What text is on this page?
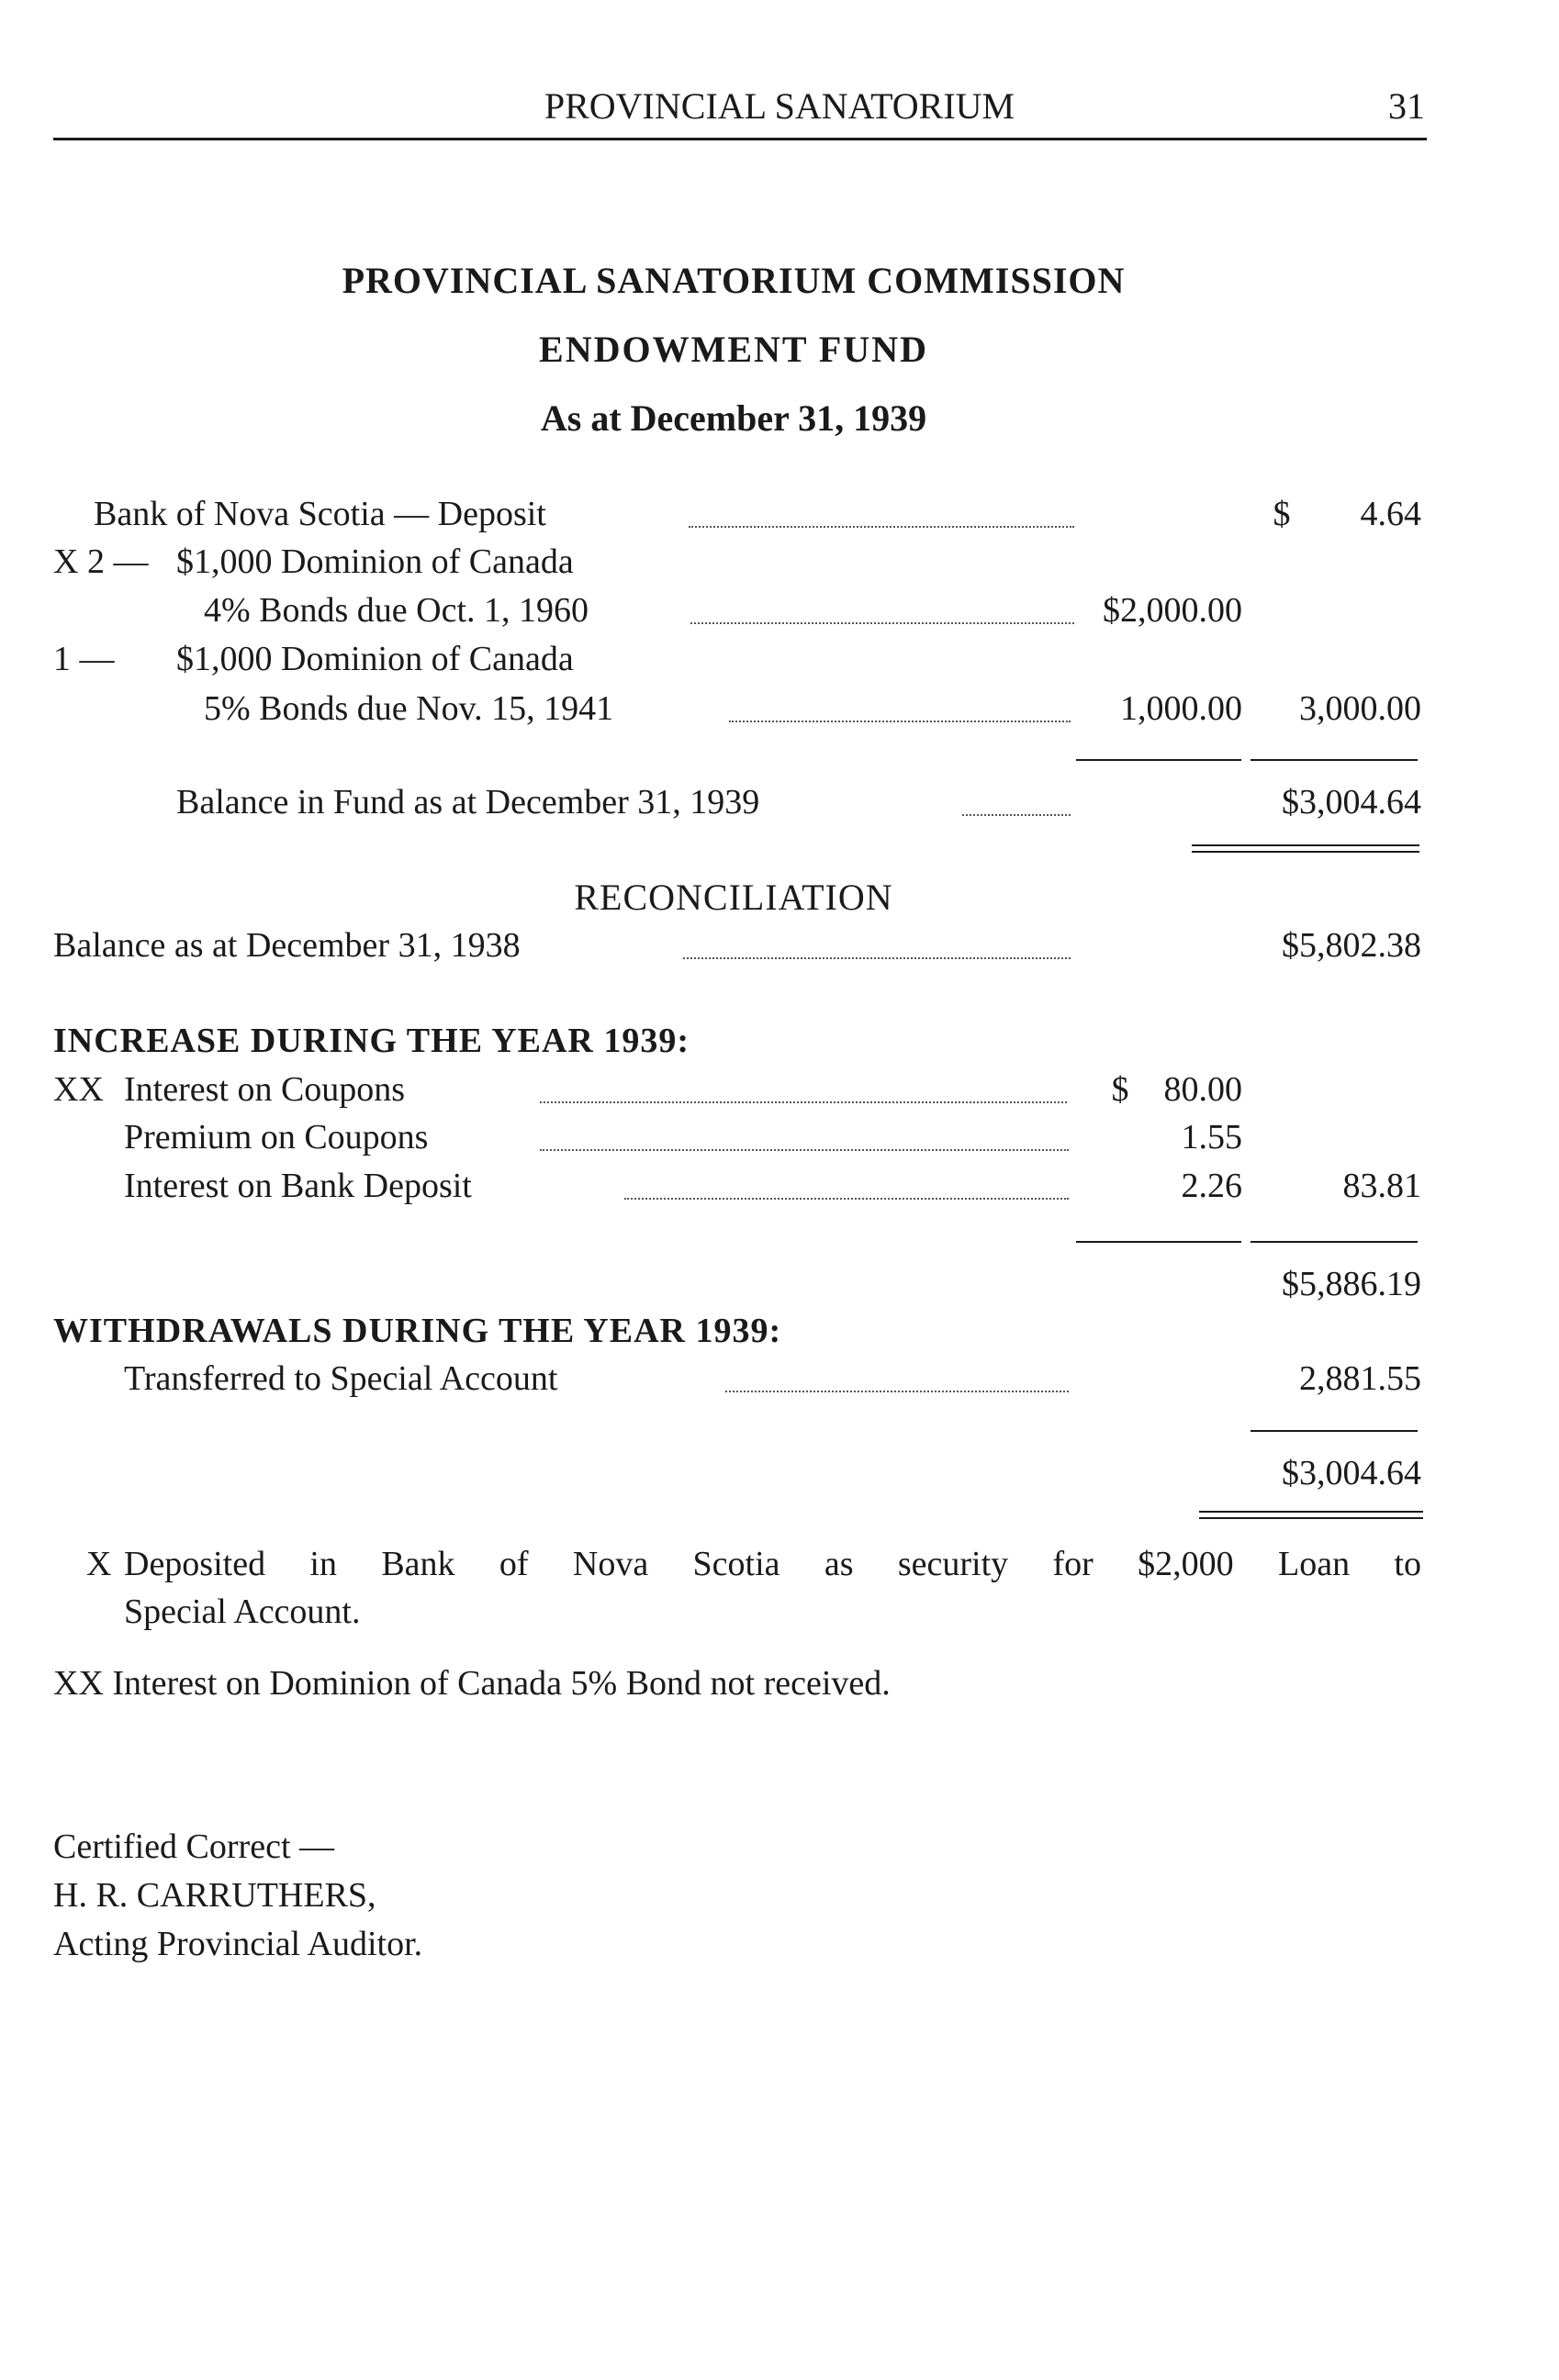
PROVINCIAL SANATORIUM	31
PROVINCIAL SANATORIUM COMMISSION
ENDOWMENT FUND
As at December 31, 1939
Bank of Nova Scotia — Deposit	$        4.64
X 2 — $1,000 Dominion of Canada
4% Bonds due Oct. 1, 1960	$2,000.00
1 — $1,000 Dominion of Canada
5% Bonds due Nov. 15, 1941	1,000.00 3,000.00
Balance in Fund as at December 31, 1939	$3,004.64
RECONCILIATION
Balance as at December 31, 1938	$5,802.38
INCREASE DURING THE YEAR 1939:
XX Interest on Coupons	$    80.00
Premium on Coupons	1.55
Interest on Bank Deposit	2.26	83.81
$5,886.19
WITHDRAWALS DURING THE YEAR 1939:
Transferred to Special Account	2,881.55
$3,004.64
X Deposited in Bank of Nova Scotia as security for $2,000 Loan to
Special Account.
XX Interest on Dominion of Canada 5% Bond not received.
Certified Correct —
H. R. CARRUTHERS,
Acting Provincial Auditor.
